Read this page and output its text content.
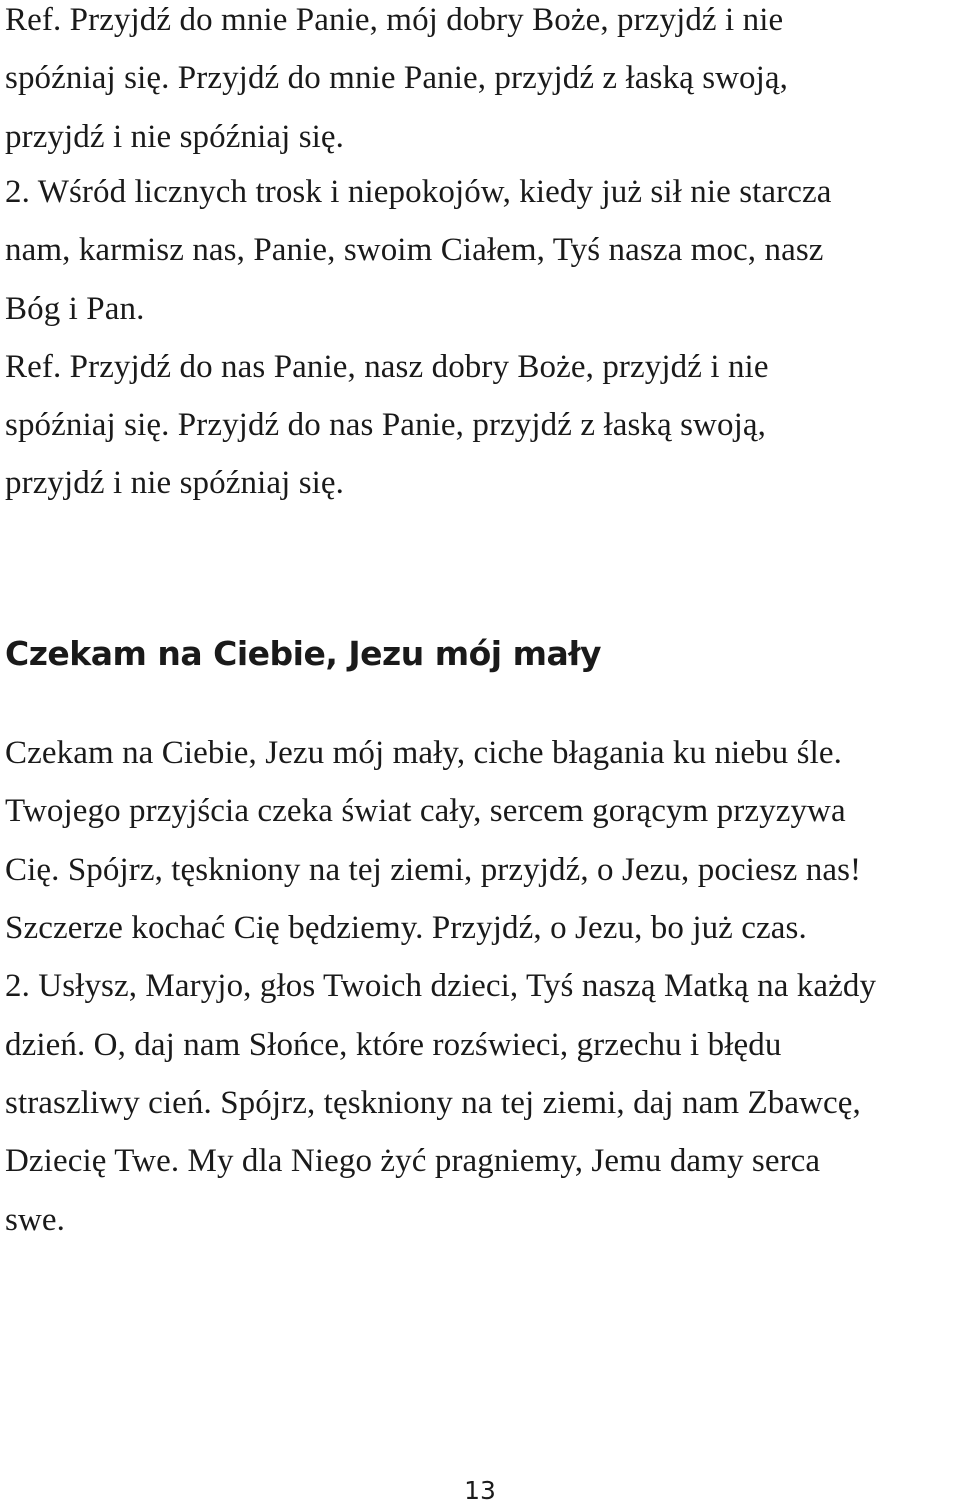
Ref. Przyjdź do mnie Panie, mój dobry Boże, przyjdź i nie
spóźniaj się. Przyjdź do mnie Panie, przyjdź z łaską swoją,
przyjdź i nie spóźniaj się.
2. Wśród licznych trosk i niepokojów, kiedy już sił nie starcza
nam, karmisz nas, Panie, swoim Ciałem, Tyś nasza moc, nasz
Bóg i Pan.
Ref. Przyjdź do nas Panie, nasz dobry Boże, przyjdź i nie
spóźniaj się. Przyjdź do nas Panie, przyjdź z łaską swoją,
przyjdź i nie spóźniaj się.
Czekam na Ciebie, Jezu mój mały
Czekam na Ciebie, Jezu mój mały, ciche błagania ku niebu śle.
Twojego przyjścia czeka świat cały, sercem gorącym przyzywa
Cię. Spójrz, tęskniony na tej ziemi, przyjdź, o Jezu, pociesz nas!
Szczerze kochać Cię będziemy. Przyjdź, o Jezu, bo już czas.
2. Usłysz, Maryjo, głos Twoich dzieci, Tyś naszą Matką na każdy
dzień. O, daj nam Słońce, które rozświeci, grzechu i błędu
straszliwy cień. Spójrz, tęskniony na tej ziemi, daj nam Zbawcę,
Dziecię Twe. My dla Niego żyć pragniemy, Jemu damy serca
swe.
13
